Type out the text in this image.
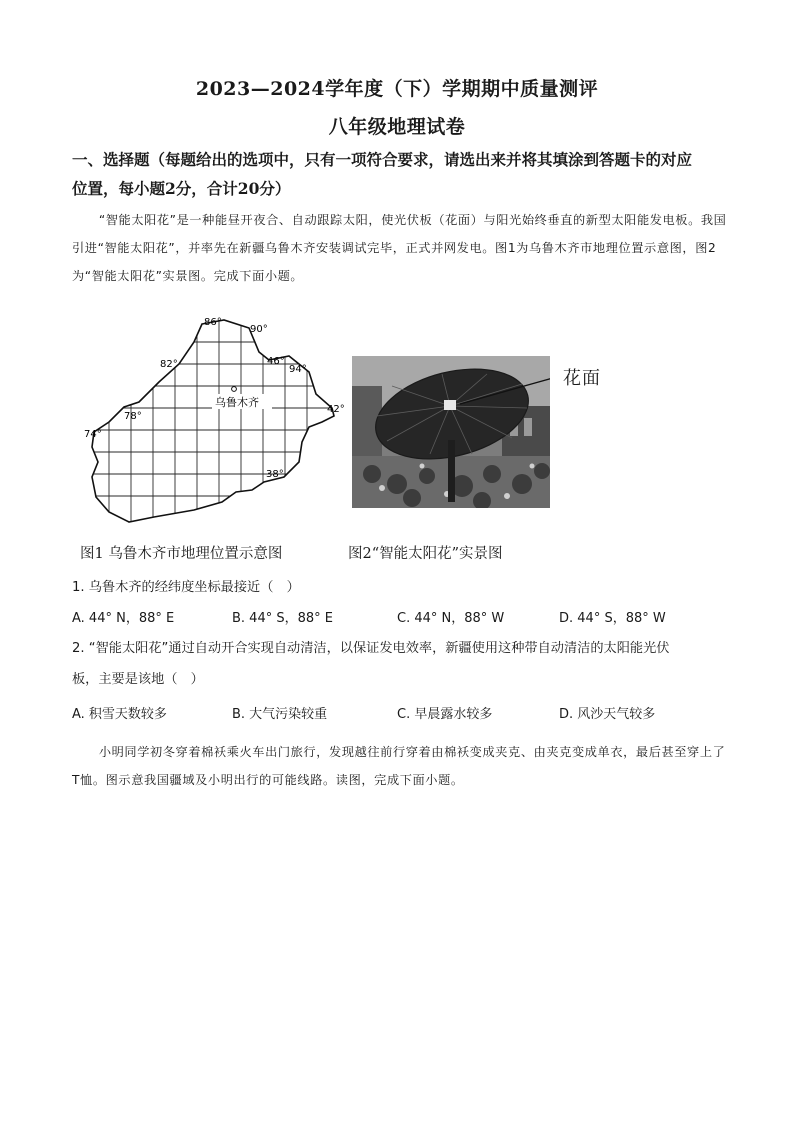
2023—2024学年度（下）学期期中质量测评
八年级地理试卷
一、选择题（每题给出的选项中，只有一项符合要求，请选出来并将其填涂到答题卡的对应
位置，每小题2分，合计20分）
“智能太阳花”是一种能昼开夜合、自动跟踪太阳，使光伏板（花面）与阳光始终垂直的新型太阳能发电板。我国引进“智能太阳花”，并率先在新疆乌鲁木齐安装调试完毕，正式并网发电。图1为乌鲁木齐市地理位置示意图，图2为“智能太阳花”实景图。完成下面小题。
乌鲁木齐
86°
90°
82°	94°
46°
42°
38°
78°
74°
花面
图1 乌鲁木齐市地理位置示意图	图2“智能太阳花”实景图
1. 乌鲁木齐的经纬度坐标最接近（　）
A. 44° N，88° E	B. 44° S，88° E	C. 44° N，88° W	D. 44° S，88° W
2. “智能太阳花”通过自动开合实现自动清洁，以保证发电效率，新疆使用这种带自动清洁的太阳能光伏
板，主要是该地（　）
A. 积雪天数较多	B. 大气污染较重	C. 早晨露水较多	D. 风沙天气较多
小明同学初冬穿着棉袄乘火车出门旅行，发现越往前行穿着由棉袄变成夹克、由夹克变成单衣，最后甚至穿上了T恤。图示意我国疆域及小明出行的可能线路。读图，完成下面小题。
